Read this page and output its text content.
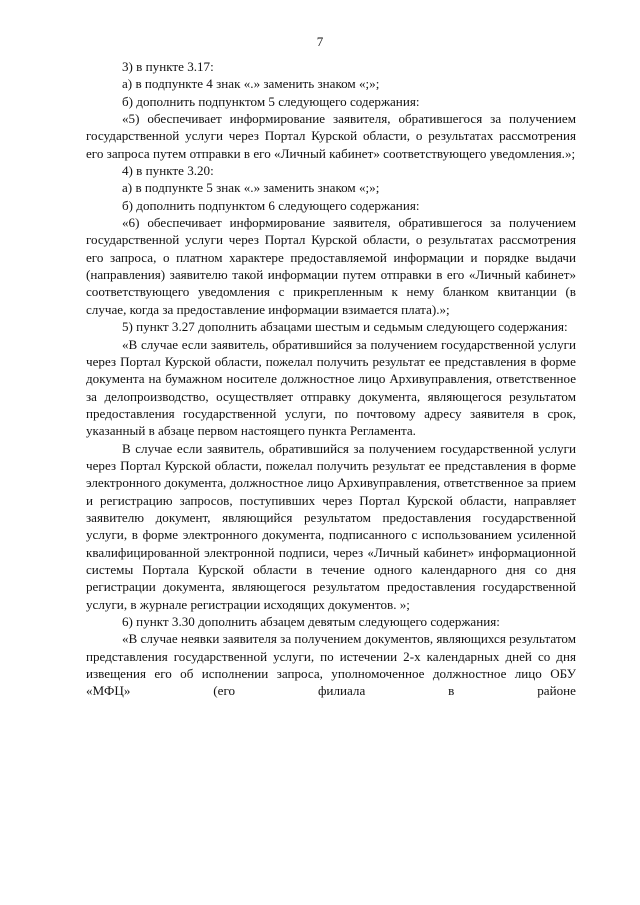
7

3) в пункте 3.17:

а) в подпункте 4 знак «.» заменить знаком «;»;

б) дополнить подпунктом 5 следующего содержания:

«5) обеспечивает информирование заявителя, обратившегося за получением государственной услуги через Портал Курской области, о результатах рассмотрения его запроса путем отправки в его «Личный кабинет» соответствующего уведомления.»;

4) в пункте 3.20:

а) в подпункте 5 знак «.» заменить знаком «;»;

б) дополнить подпунктом 6 следующего содержания:

«6) обеспечивает информирование заявителя, обратившегося за получением государственной услуги через Портал Курской области, о результатах рассмотрения его запроса, о платном характере предоставляемой информации и порядке выдачи (направления) заявителю такой информации путем отправки в его «Личный кабинет» соответствующего уведомления с прикрепленным к нему бланком квитанции (в случае, когда за предоставление информации взимается плата).»;

5) пункт 3.27 дополнить абзацами шестым и седьмым следующего содержания:

«В случае если заявитель, обратившийся за получением государственной услуги через Портал Курской области, пожелал получить результат ее представления в форме документа на бумажном носителе должностное лицо Архивуправления, ответственное за делопроизводство, осуществляет отправку документа, являющегося результатом предоставления государственной услуги, по почтовому адресу заявителя в срок, указанный в абзаце первом настоящего пункта Регламента.

В случае если заявитель, обратившийся за получением государственной услуги через Портал Курской области, пожелал получить результат ее представления в форме электронного документа, должностное лицо Архивуправления, ответственное за прием и регистрацию запросов, поступивших через Портал Курской области, направляет заявителю документ, являющийся результатом предоставления государственной услуги, в форме электронного документа, подписанного с использованием усиленной квалифицированной электронной подписи, через «Личный кабинет» информационной системы Портала Курской области в течение одного календарного дня со дня регистрации документа, являющегося результатом предоставления государственной услуги, в журнале регистрации исходящих документов. »;

6) пункт 3.30 дополнить абзацем девятым следующего содержания:

«В случае неявки заявителя за получением документов, являющихся результатом представления государственной услуги, по истечении 2-х календарных дней со дня извещения его об исполнении запроса, уполномоченное должностное лицо ОБУ «МФЦ» (его филиала в районе
